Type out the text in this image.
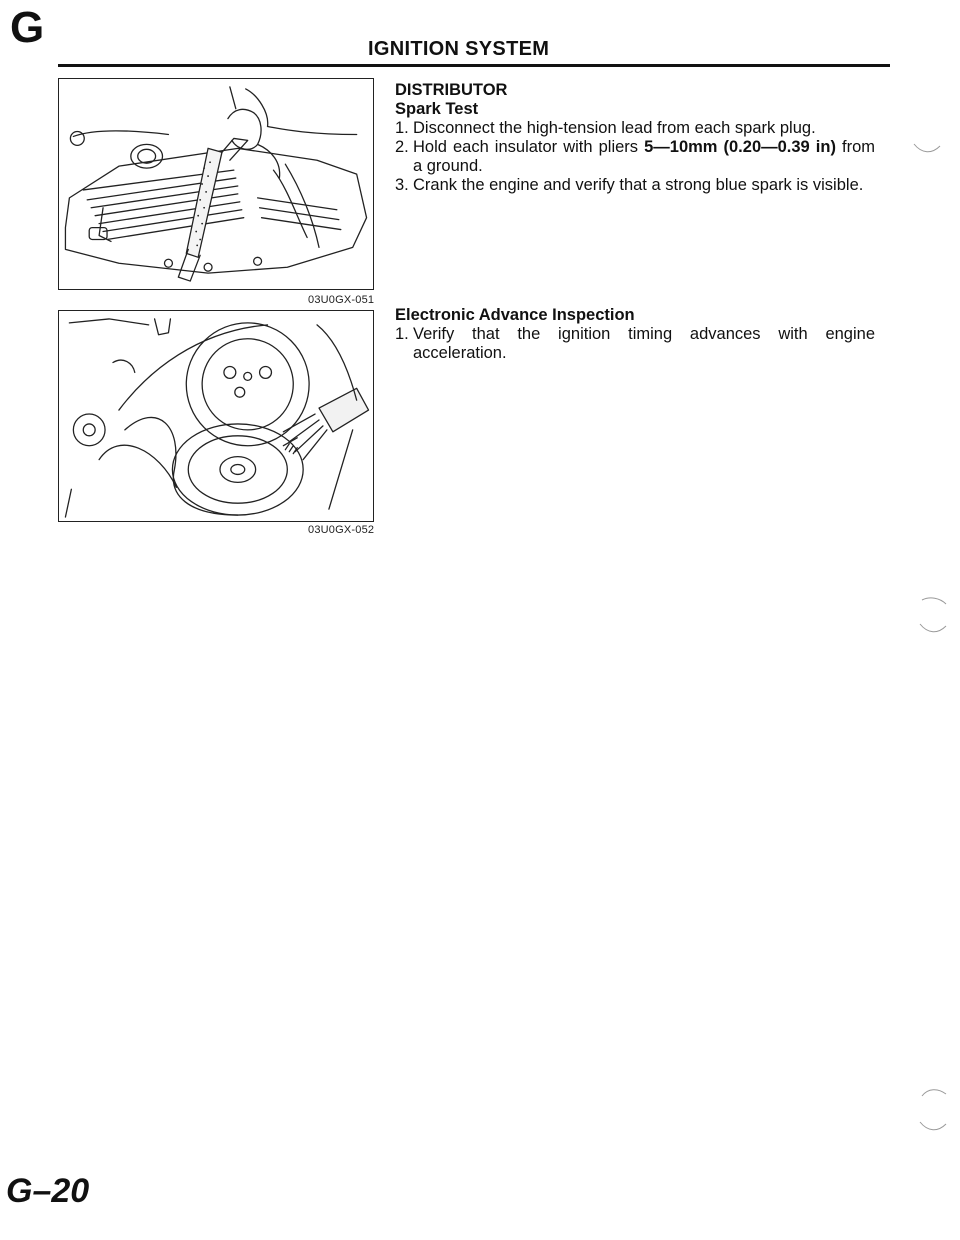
G	IGNITION SYSTEM
03U0GX-051
03U0GX-052
DISTRIBUTOR
Spark Test
1. Disconnect the high-tension lead from each spark plug.
2. Hold each insulator with pliers 5—10mm (0.20—0.39 in) from a ground.
3. Crank the engine and verify that a strong blue spark is visible.
Electronic Advance Inspection
1. Verify that the ignition timing advances with engine acceleration.
G–20
